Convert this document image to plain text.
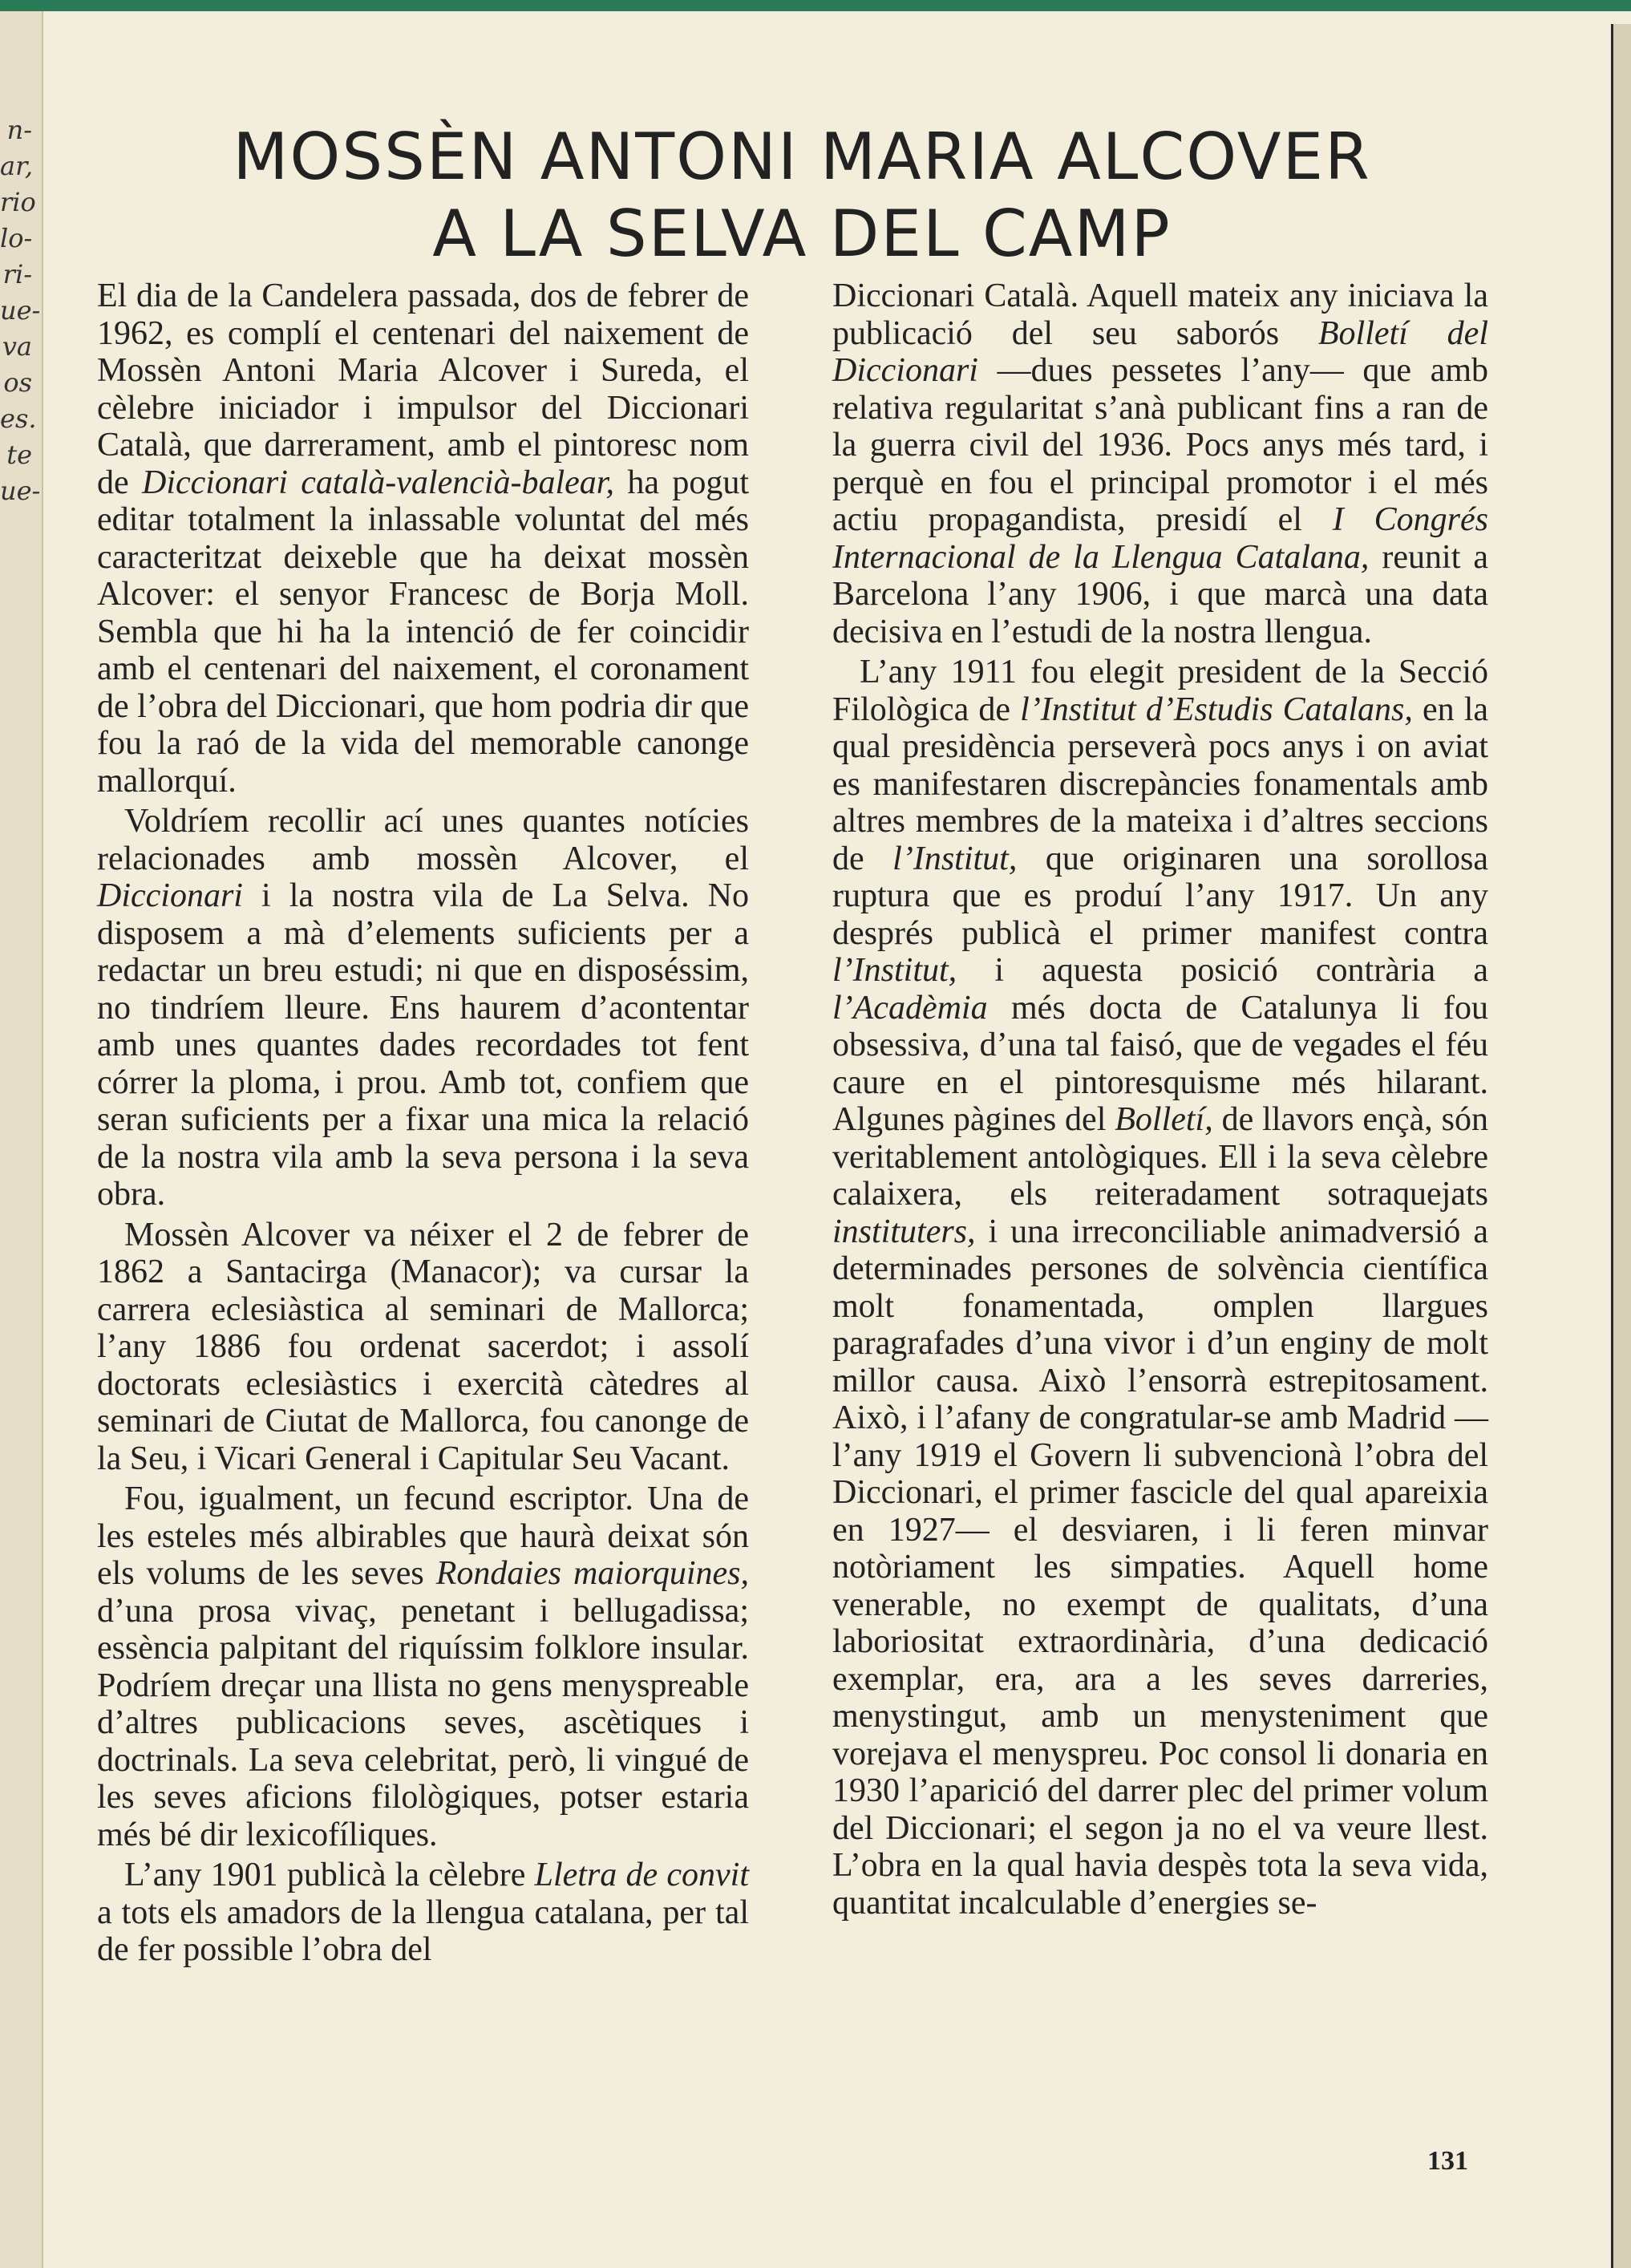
n-
ar,
rio
lo-
ri-
ue-
va
os
es.
te
ue-
MOSSÈN ANTONI MARIA ALCOVER
A LA SELVA DEL CAMP

El dia de la Candelera passada, dos de febrer de 1962, es complí el centenari del naixement de Mossèn Antoni Maria Alcover i Sureda, el cèlebre iniciador i impulsor del Diccionari Català, que darrerament, amb el pintoresc nom de Diccionari català-valencià-balear, ha pogut editar totalment la inlassable voluntat del més caracteritzat deixeble que ha deixat mossèn Alcover: el senyor Francesc de Borja Moll. Sembla que hi ha la intenció de fer coincidir amb el centenari del naixement, el coronament de l’obra del Diccionari, que hom podria dir que fou la raó de la vida del memorable canonge mallorquí.

Voldríem recollir ací unes quantes notícies relacionades amb mossèn Alcover, el Diccionari i la nostra vila de La Selva. No disposem a mà d’elements suficients per a redactar un breu estudi; ni que en disposéssim, no tindríem lleure. Ens haurem d’acontentar amb unes quantes dades recordades tot fent córrer la ploma, i prou. Amb tot, confiem que seran suficients per a fixar una mica la relació de la nostra vila amb la seva persona i la seva obra.

Mossèn Alcover va néixer el 2 de febrer de 1862 a Santacirga (Manacor); va cursar la carrera eclesiàstica al seminari de Mallorca; l’any 1886 fou ordenat sacerdot; i assolí doctorats eclesiàstics i exercità càtedres al seminari de Ciutat de Mallorca, fou canonge de la Seu, i Vicari General i Capitular Seu Vacant.

Fou, igualment, un fecund escriptor. Una de les esteles més albirables que haurà deixat són els volums de les seves Rondaies maiorquines, d’una prosa vivaç, penetant i bellugadissa; essència palpitant del riquíssim folklore insular. Podríem dreçar una llista no gens menyspreable d’altres publicacions seves, ascètiques i doctrinals. La seva celebritat, però, li vingué de les seves aficions filològiques, potser estaria més bé dir lexicofíliques.

L’any 1901 publicà la cèlebre Lletra de convit a tots els amadors de la llengua catalana, per tal de fer possible l’obra del

Diccionari Català. Aquell mateix any iniciava la publicació del seu saborós Bolletí del Diccionari —dues pessetes l’any— que amb relativa regularitat s’anà publicant fins a ran de la guerra civil del 1936. Pocs anys més tard, i perquè en fou el principal promotor i el més actiu propagandista, presidí el I Congrés Internacional de la Llengua Catalana, reunit a Barcelona l’any 1906, i que marcà una data decisiva en l’estudi de la nostra llengua.

L’any 1911 fou elegit president de la Secció Filològica de l’Institut d’Estudis Catalans, en la qual presidència perseverà pocs anys i on aviat es manifestaren discrepàncies fonamentals amb altres membres de la mateixa i d’altres seccions de l’Institut, que originaren una sorollosa ruptura que es produí l’any 1917. Un any després publicà el primer manifest contra l’Institut, i aquesta posició contrària a l’Acadèmia més docta de Catalunya li fou obsessiva, d’una tal faisó, que de vegades el féu caure en el pintoresquisme més hilarant. Algunes pàgines del Bolletí, de llavors ençà, són veritablement antològiques. Ell i la seva cèlebre calaixera, els reiteradament sotraquejats instituters, i una irreconciliable animadversió a determinades persones de solvència científica molt fonamentada, omplen llargues paragrafades d’una vivor i d’un enginy de molt millor causa. Això l’ensorrà estrepitosament. Això, i l’afany de congratular-se amb Madrid —l’any 1919 el Govern li subvencionà l’obra del Diccionari, el primer fascicle del qual apareixia en 1927— el desviaren, i li feren minvar notòriament les simpaties. Aquell home venerable, no exempt de qualitats, d’una laboriositat extraordinària, d’una dedicació exemplar, era, ara a les seves darreries, menystingut, amb un menysteniment que vorejava el menyspreu. Poc consol li donaria en 1930 l’aparició del darrer plec del primer volum del Diccionari; el segon ja no el va veure llest. L’obra en la qual havia despès tota la seva vida, quantitat incalculable d’energies se-

131
